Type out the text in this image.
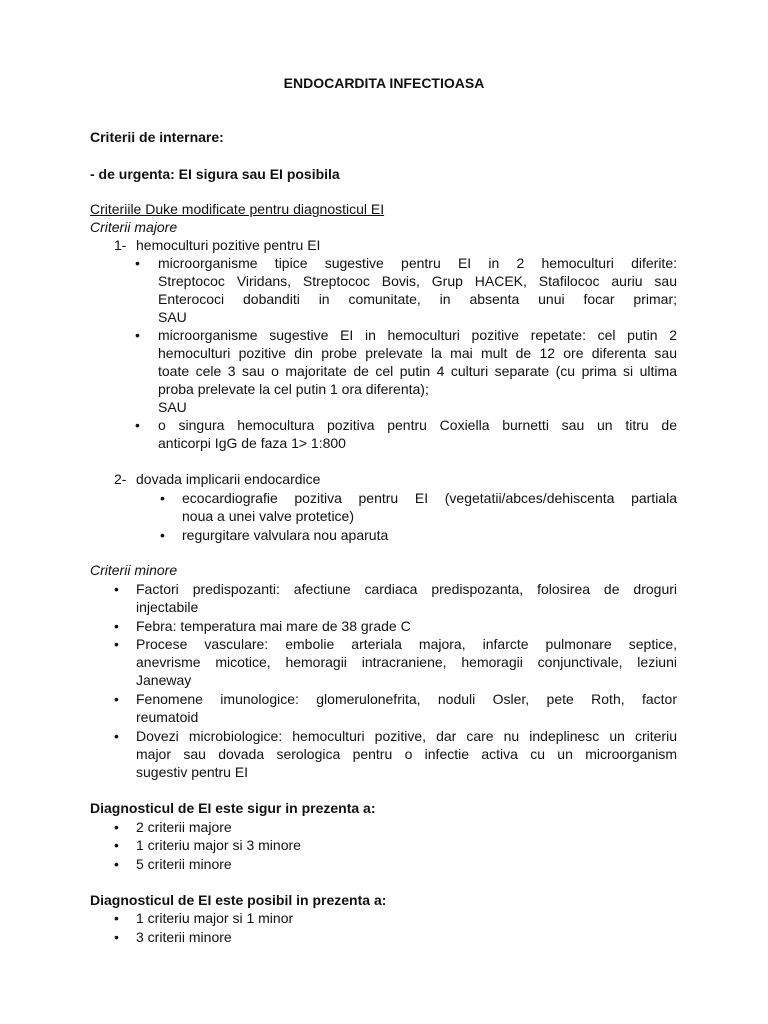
ENDOCARDITA INFECTIOASA
Criterii de internare:
- de urgenta: EI sigura sau EI posibila
Criteriile Duke modificate pentru diagnosticul EI
Criterii majore
1- hemoculturi pozitive pentru EI
•
microorganisme tipice sugestive pentru EI in 2 hemoculturi diferite:
Streptococ Viridans, Streptococ Bovis, Grup HACEK, Stafilococ auriu sau
Enterococi dobanditi in comunitate, in absenta unui focar primar;
SAU
•
microorganisme sugestive EI in hemoculturi pozitive repetate: cel putin 2
hemoculturi pozitive din probe prelevate la mai mult de 12 ore diferenta sau
toate cele 3 sau o majoritate de cel putin 4 culturi separate (cu prima si ultima
proba prelevate la cel putin 1 ora diferenta);
SAU
•
o singura hemocultura pozitiva pentru Coxiella burnetti sau un titru de
anticorpi IgG de faza 1> 1:800
2- dovada implicarii endocardice
•
ecocardiografie pozitiva pentru EI (vegetatii/abces/dehiscenta partiala
noua a unei valve protetice)
•
regurgitare valvulara nou aparuta
Criterii minore
•
Factori predispozanti: afectiune cardiaca predispozanta, folosirea de droguri
injectabile
•
Febra: temperatura mai mare de 38 grade C
•
Procese vasculare: embolie arteriala majora, infarcte pulmonare septice,
anevrisme micotice, hemoragii intracraniene, hemoragii conjunctivale, leziuni
Janeway
•
Fenomene imunologice: glomerulonefrita, noduli Osler, pete Roth, factor
reumatoid
•
Dovezi microbiologice: hemoculturi pozitive, dar care nu indeplinesc un criteriu
major sau dovada serologica pentru o infectie activa cu un microorganism
sugestiv pentru EI
Diagnosticul de EI este sigur in prezenta a:
•
2 criterii majore
•
1 criteriu major si 3 minore
•
5 criterii minore
Diagnosticul de EI este posibil in prezenta a:
•
1 criteriu major si 1 minor
•
3 criterii minore
